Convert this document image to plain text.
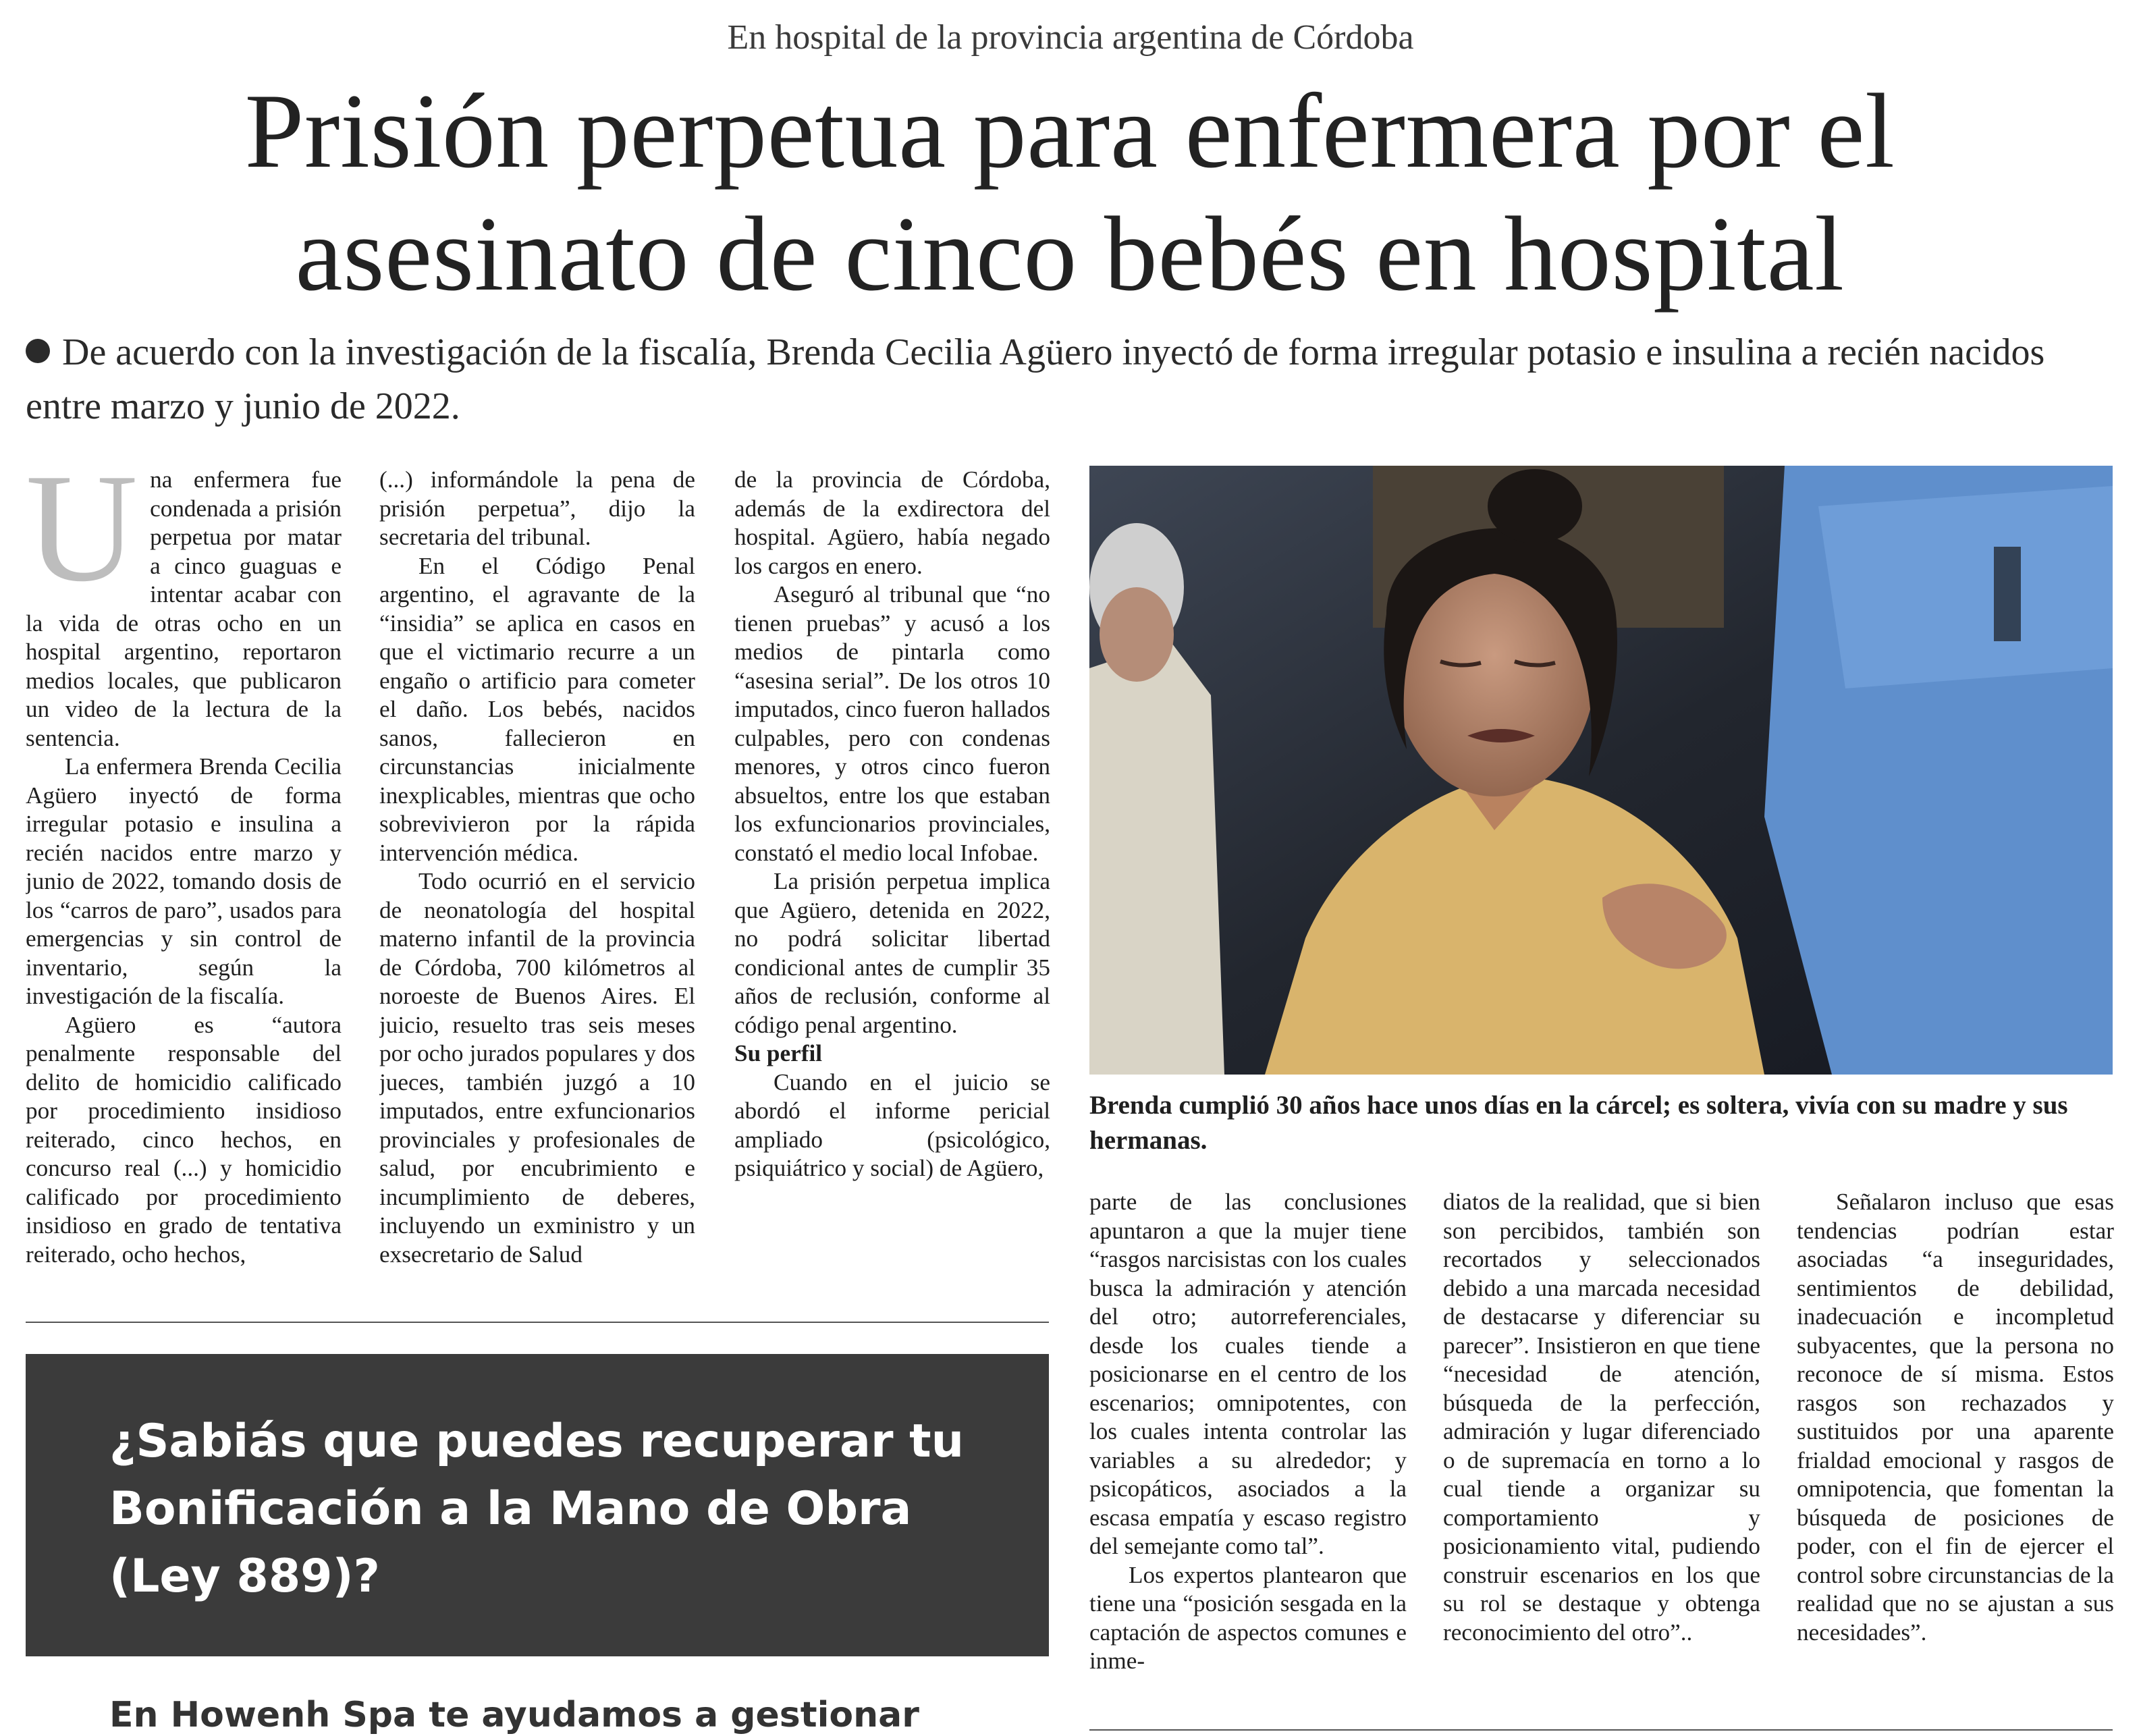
En hospital de la provincia argentina de Córdoba
Prisión perpetua para enfermera por el
asesinato de cinco bebés en hospital
De acuerdo con la investigación de la fiscalía, Brenda Cecilia Agüero inyectó de forma irregular potasio e insulina a recién nacidos entre marzo y junio de 2022.
U na enfermera fue condenada a prisión perpetua por matar a cinco guaguas e intentar acabar con la vida de otras ocho en un hospital argentino, reportaron medios locales, que publicaron un video de la lectura de la sentencia.

La enfermera Brenda Cecilia Agüero inyectó de forma irregular potasio e insulina a recién nacidos entre marzo y junio de 2022, tomando dosis de los “carros de paro”, usados para emergencias y sin control de inventario, según la investigación de la fiscalía.

Agüero es “autora penalmente responsable del delito de homicidio calificado por procedimiento insidioso reiterado, cinco hechos, en concurso real (...) y homicidio calificado por procedimiento insidioso en grado de tentativa reiterado, ocho hechos,

(...) informándole la pena de prisión perpetua”, dijo la secretaria del tribunal.

En el Código Penal argentino, el agravante de la “insidia” se aplica en casos en que el victimario recurre a un engaño o artificio para cometer el daño. Los bebés, nacidos sanos, fallecieron en circunstancias inicialmente inexplicables, mientras que ocho sobrevivieron por la rápida intervención médica.

Todo ocurrió en el servicio de neonatología del hospital materno infantil de la provincia de Córdoba, 700 kilómetros al noroeste de Buenos Aires. El juicio, resuelto tras seis meses por ocho jurados populares y dos jueces, también juzgó a 10 imputados, entre exfuncionarios provinciales y profesionales de salud, por encubrimiento e incumplimiento de deberes, incluyendo un exministro y un exsecretario de Salud

de la provincia de Córdoba, además de la exdirectora del hospital. Agüero, había negado los cargos en enero.

Aseguró al tribunal que “no tienen pruebas” y acusó a los medios de pintarla como “asesina serial”. De los otros 10 imputados, cinco fueron hallados culpables, pero con condenas menores, y otros cinco fueron absueltos, entre los que estaban los exfuncionarios provinciales, constató el medio local Infobae.

La prisión perpetua implica que Agüero, detenida en 2022, no podrá solicitar libertad condicional antes de cumplir 35 años de reclusión, conforme al código penal argentino.

Su perfil

Cuando en el juicio se abordó el informe pericial ampliado (psicológico, psiquiátrico y social) de Agüero,

Brenda cumplió 30 años hace unos días en la cárcel; es soltera, vivía con su madre y sus hermanas.

parte de las conclusiones apuntaron a que la mujer tiene “rasgos narcisistas con los cuales busca la admiración y atención del otro; autorreferenciales, desde los cuales tiende a posicionarse en el centro de los escenarios; omnipotentes, con los cuales intenta controlar las variables a su alrededor; y psicopáticos, asociados a la escasa empatía y escaso registro del semejante como tal”.

Los expertos plantearon que tiene una “posición sesgada en la captación de aspectos comunes e inme-

diatos de la realidad, que si bien son percibidos, también son recortados y seleccionados debido a una marcada necesidad de destacarse y diferenciar su parecer”. Insistieron en que tiene “necesidad de atención, búsqueda de la perfección, admiración y lugar diferenciado o de supremacía en torno a lo cual tiende a organizar su comportamiento y posicionamiento vital, pudiendo construir escenarios en los que su rol se destaque y obtenga reconocimiento del otro”..

Señalaron incluso que esas tendencias podrían estar asociadas “a inseguridades, sentimientos de debilidad, inadecuación e incompletud subyacentes, que la persona no reconoce de sí misma. Estos rasgos son rechazados y sustituidos por una aparente frialdad emocional y rasgos de omnipotencia, que fomentan la búsqueda de posiciones de poder, con el fin de ejercer el control sobre circunstancias de la realidad que no se ajustan a sus necesidades”.

¿Sabiás que puedes recuperar tu Bonificación a la Mano de Obra (Ley 889)?
En Howenh Spa te ayudamos a gestionar
